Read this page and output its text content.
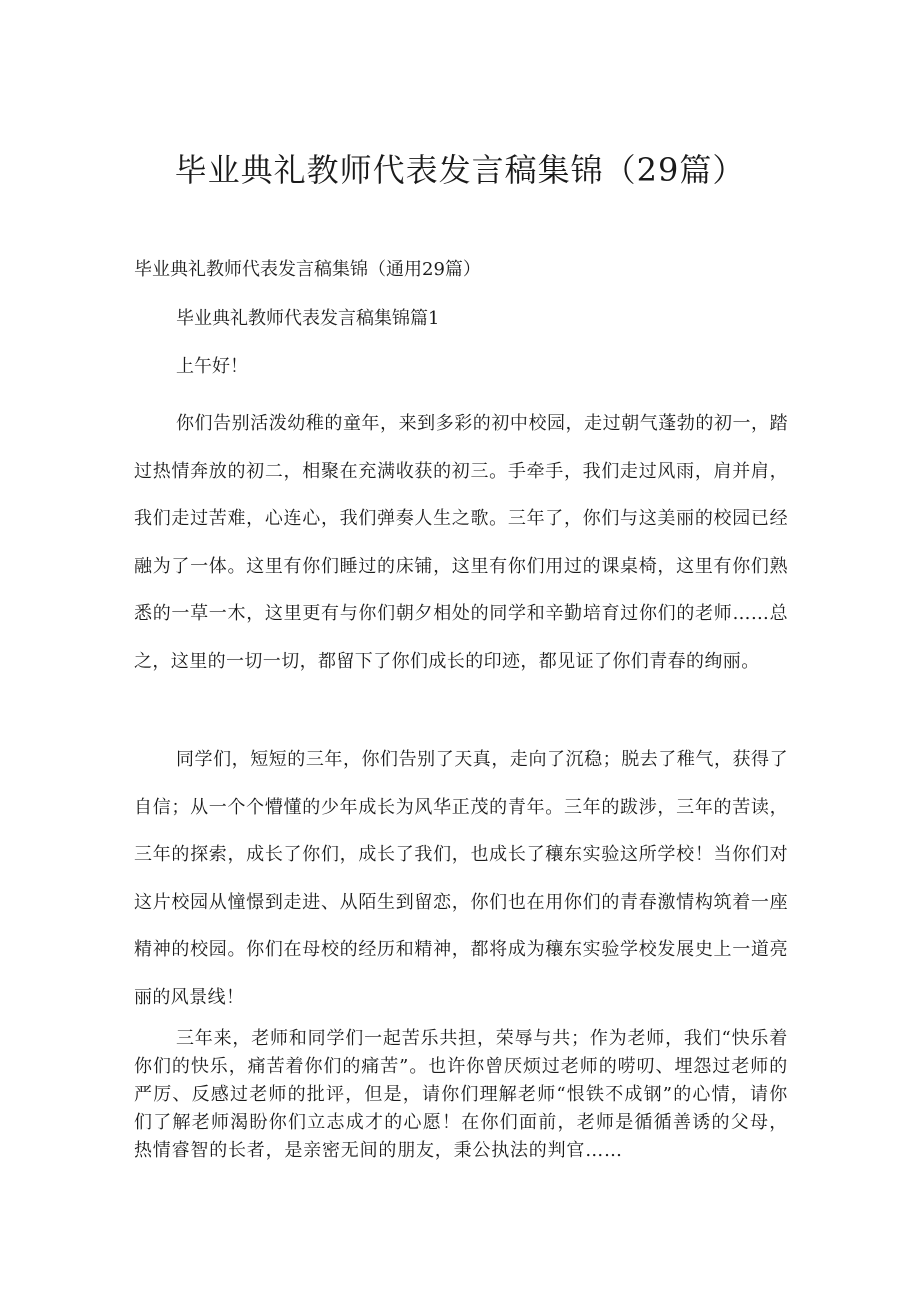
毕业典礼教师代表发言稿集锦（29篇）
毕业典礼教师代表发言稿集锦（通用29篇）
毕业典礼教师代表发言稿集锦篇1
上午好！

你们告别活泼幼稚的童年，来到多彩的初中校园，走过朝气蓬勃的初一，踏过热情奔放的初二，相聚在充满收获的初三。手牵手，我们走过风雨，肩并肩，我们走过苦难，心连心，我们弹奏人生之歌。三年了，你们与这美丽的校园已经融为了一体。这里有你们睡过的床铺，这里有你们用过的课桌椅，这里有你们熟悉的一草一木，这里更有与你们朝夕相处的同学和辛勤培育过你们的老师……总之，这里的一切一切，都留下了你们成长的印迹，都见证了你们青春的绚丽。

同学们，短短的三年，你们告别了天真，走向了沉稳；脱去了稚气，获得了自信；从一个个懵懂的少年成长为风华正茂的青年。三年的跋涉，三年的苦读，三年的探索，成长了你们，成长了我们，也成长了穰东实验这所学校！当你们对这片校园从憧憬到走进、从陌生到留恋，你们也在用你们的青春激情构筑着一座精神的校园。你们在母校的经历和精神，都将成为穰东实验学校发展史上一道亮丽的风景线！

三年来，老师和同学们一起苦乐共担，荣辱与共；作为老师，我们“快乐着你们的快乐，痛苦着你们的痛苦”。也许你曾厌烦过老师的唠叨、埋怨过老师的严厉、反感过老师的批评，但是，请你们理解老师“恨铁不成钢”的心情，请你们了解老师渴盼你们立志成才的心愿！在你们面前，老师是循循善诱的父母，热情睿智的长者，是亲密无间的朋友，秉公执法的判官……
